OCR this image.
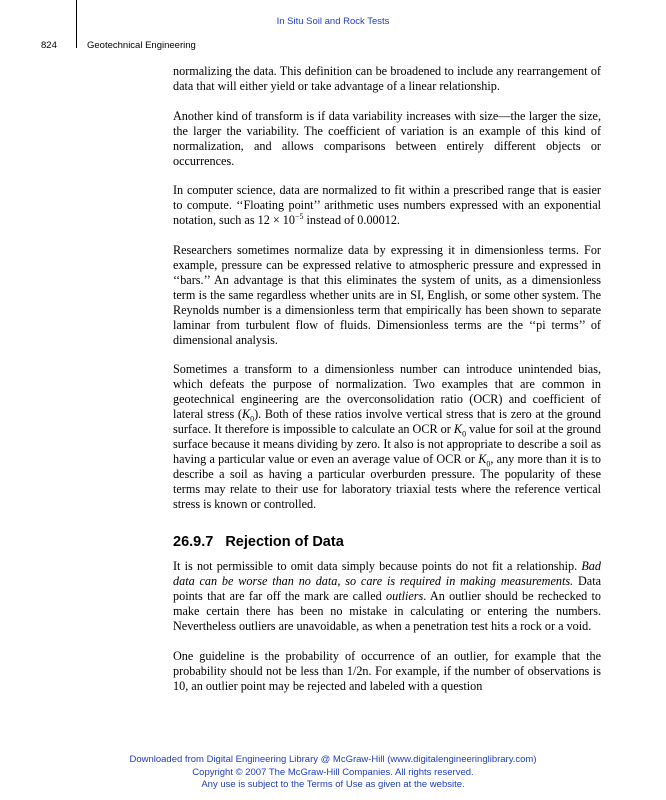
In Situ Soil and Rock Tests
824	Geotechnical Engineering

normalizing the data. This definition can be broadened to include any rearrangement of data that will either yield or take advantage of a linear relationship.

Another kind of transform is if data variability increases with size—the larger the size, the larger the variability. The coefficient of variation is an example of this kind of normalization, and allows comparisons between entirely different objects or occurrences.

In computer science, data are normalized to fit within a prescribed range that is easier to compute. ‘‘Floating point’’ arithmetic uses numbers expressed with an exponential notation, such as $12 \times 10^{-5}$ instead of 0.00012.

Researchers sometimes normalize data by expressing it in dimensionless terms. For example, pressure can be expressed relative to atmospheric pressure and expressed in ‘‘bars.’’ An advantage is that this eliminates the system of units, as a dimensionless term is the same regardless whether units are in SI, English, or some other system. The Reynolds number is a dimensionless term that empirically has been shown to separate laminar from turbulent flow of fluids. Dimensionless terms are the ‘‘pi terms’’ of dimensional analysis.

Sometimes a transform to a dimensionless number can introduce unintended bias, which defeats the purpose of normalization. Two examples that are common in geotechnical engineering are the overconsolidation ratio (OCR) and coefficient of lateral stress $(K_0)$. Both of these ratios involve vertical stress that is zero at the ground surface. It therefore is impossible to calculate an OCR or $K_0$ value for soil at the ground surface because it means dividing by zero. It also is not appropriate to describe a soil as having a particular value or even an average value of OCR or $K_0$, any more than it is to describe a soil as having a particular overburden pressure. The popularity of these terms may relate to their use for laboratory triaxial tests where the reference vertical stress is known or controlled.

26.9.7 Rejection of Data

It is not permissible to omit data simply because points do not fit a relationship. Bad data can be worse than no data, so care is required in making measurements. Data points that are far off the mark are called outliers. An outlier should be rechecked to make certain there has been no mistake in calculating or entering the numbers. Nevertheless outliers are unavoidable, as when a penetration test hits a rock or a void.

One guideline is the probability of occurrence of an outlier, for example that the probability should not be less than 1/2n. For example, if the number of observations is 10, an outlier point may be rejected and labeled with a question

Downloaded from Digital Engineering Library @ McGraw-Hill (www.digitalengineeringlibrary.com)
Copyright © 2007 The McGraw-Hill Companies. All rights reserved.
Any use is subject to the Terms of Use as given at the website.
